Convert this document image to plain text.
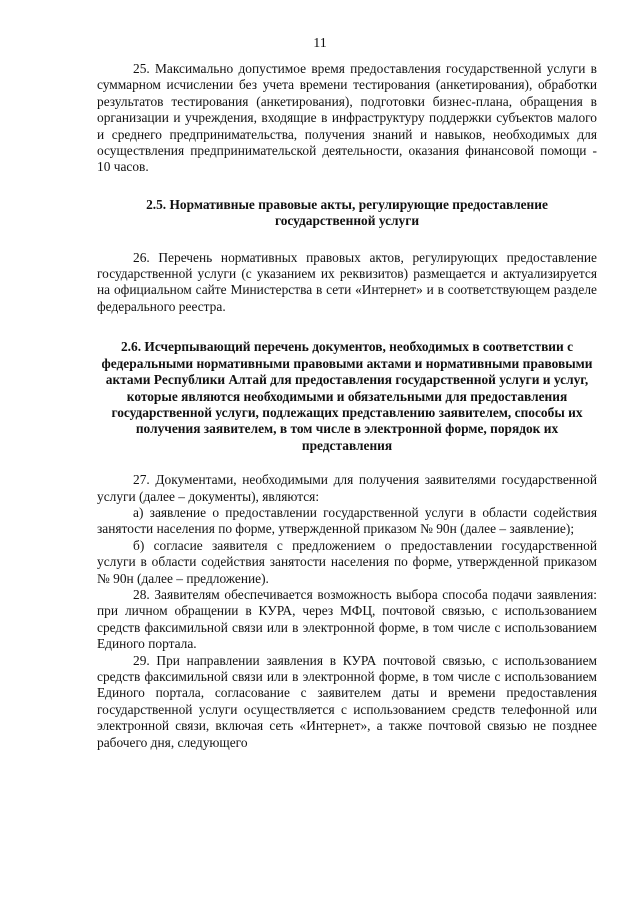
11

25. Максимально допустимое время предоставления государственной услуги в суммарном исчислении без учета времени тестирования (анкетирования), обработки результатов тестирования (анкетирования), подготовки бизнес-плана, обращения в организации и учреждения, входящие в инфраструктуру поддержки субъектов малого и среднего предпринимательства, получения знаний и навыков, необходимых для осуществления предпринимательской деятельности, оказания финансовой помощи - 10 часов.

2.5. Нормативные правовые акты, регулирующие предоставление государственной услуги

26. Перечень нормативных правовых актов, регулирующих предоставление государственной услуги (с указанием их реквизитов) размещается и актуализируется на официальном сайте Министерства в сети «Интернет» и в соответствующем разделе федерального реестра.

2.6. Исчерпывающий перечень документов, необходимых в соответствии с федеральными нормативными правовыми актами и нормативными правовыми актами Республики Алтай для предоставления государственной услуги и услуг, которые являются необходимыми и обязательными для предоставления государственной услуги, подлежащих представлению заявителем, способы их получения заявителем, в том числе в электронной форме, порядок их представления

27. Документами, необходимыми для получения заявителями государственной услуги (далее – документы), являются:

а) заявление о предоставлении государственной услуги в области содействия занятости населения по форме, утвержденной приказом № 90н (далее – заявление);

б) согласие заявителя с предложением о предоставлении государственной услуги в области содействия занятости населения по форме, утвержденной приказом № 90н (далее – предложение).

28. Заявителям обеспечивается возможность выбора способа подачи заявления: при личном обращении в КУРА, через МФЦ, почтовой связью, с использованием средств факсимильной связи или в электронной форме, в том числе с использованием Единого портала.

29. При направлении заявления в КУРА почтовой связью, с использованием средств факсимильной связи или в электронной форме, в том числе с использованием Единого портала, согласование с заявителем даты и времени предоставления государственной услуги осуществляется с использованием средств телефонной или электронной связи, включая сеть «Интернет», а также почтовой связью не позднее рабочего дня, следующего
